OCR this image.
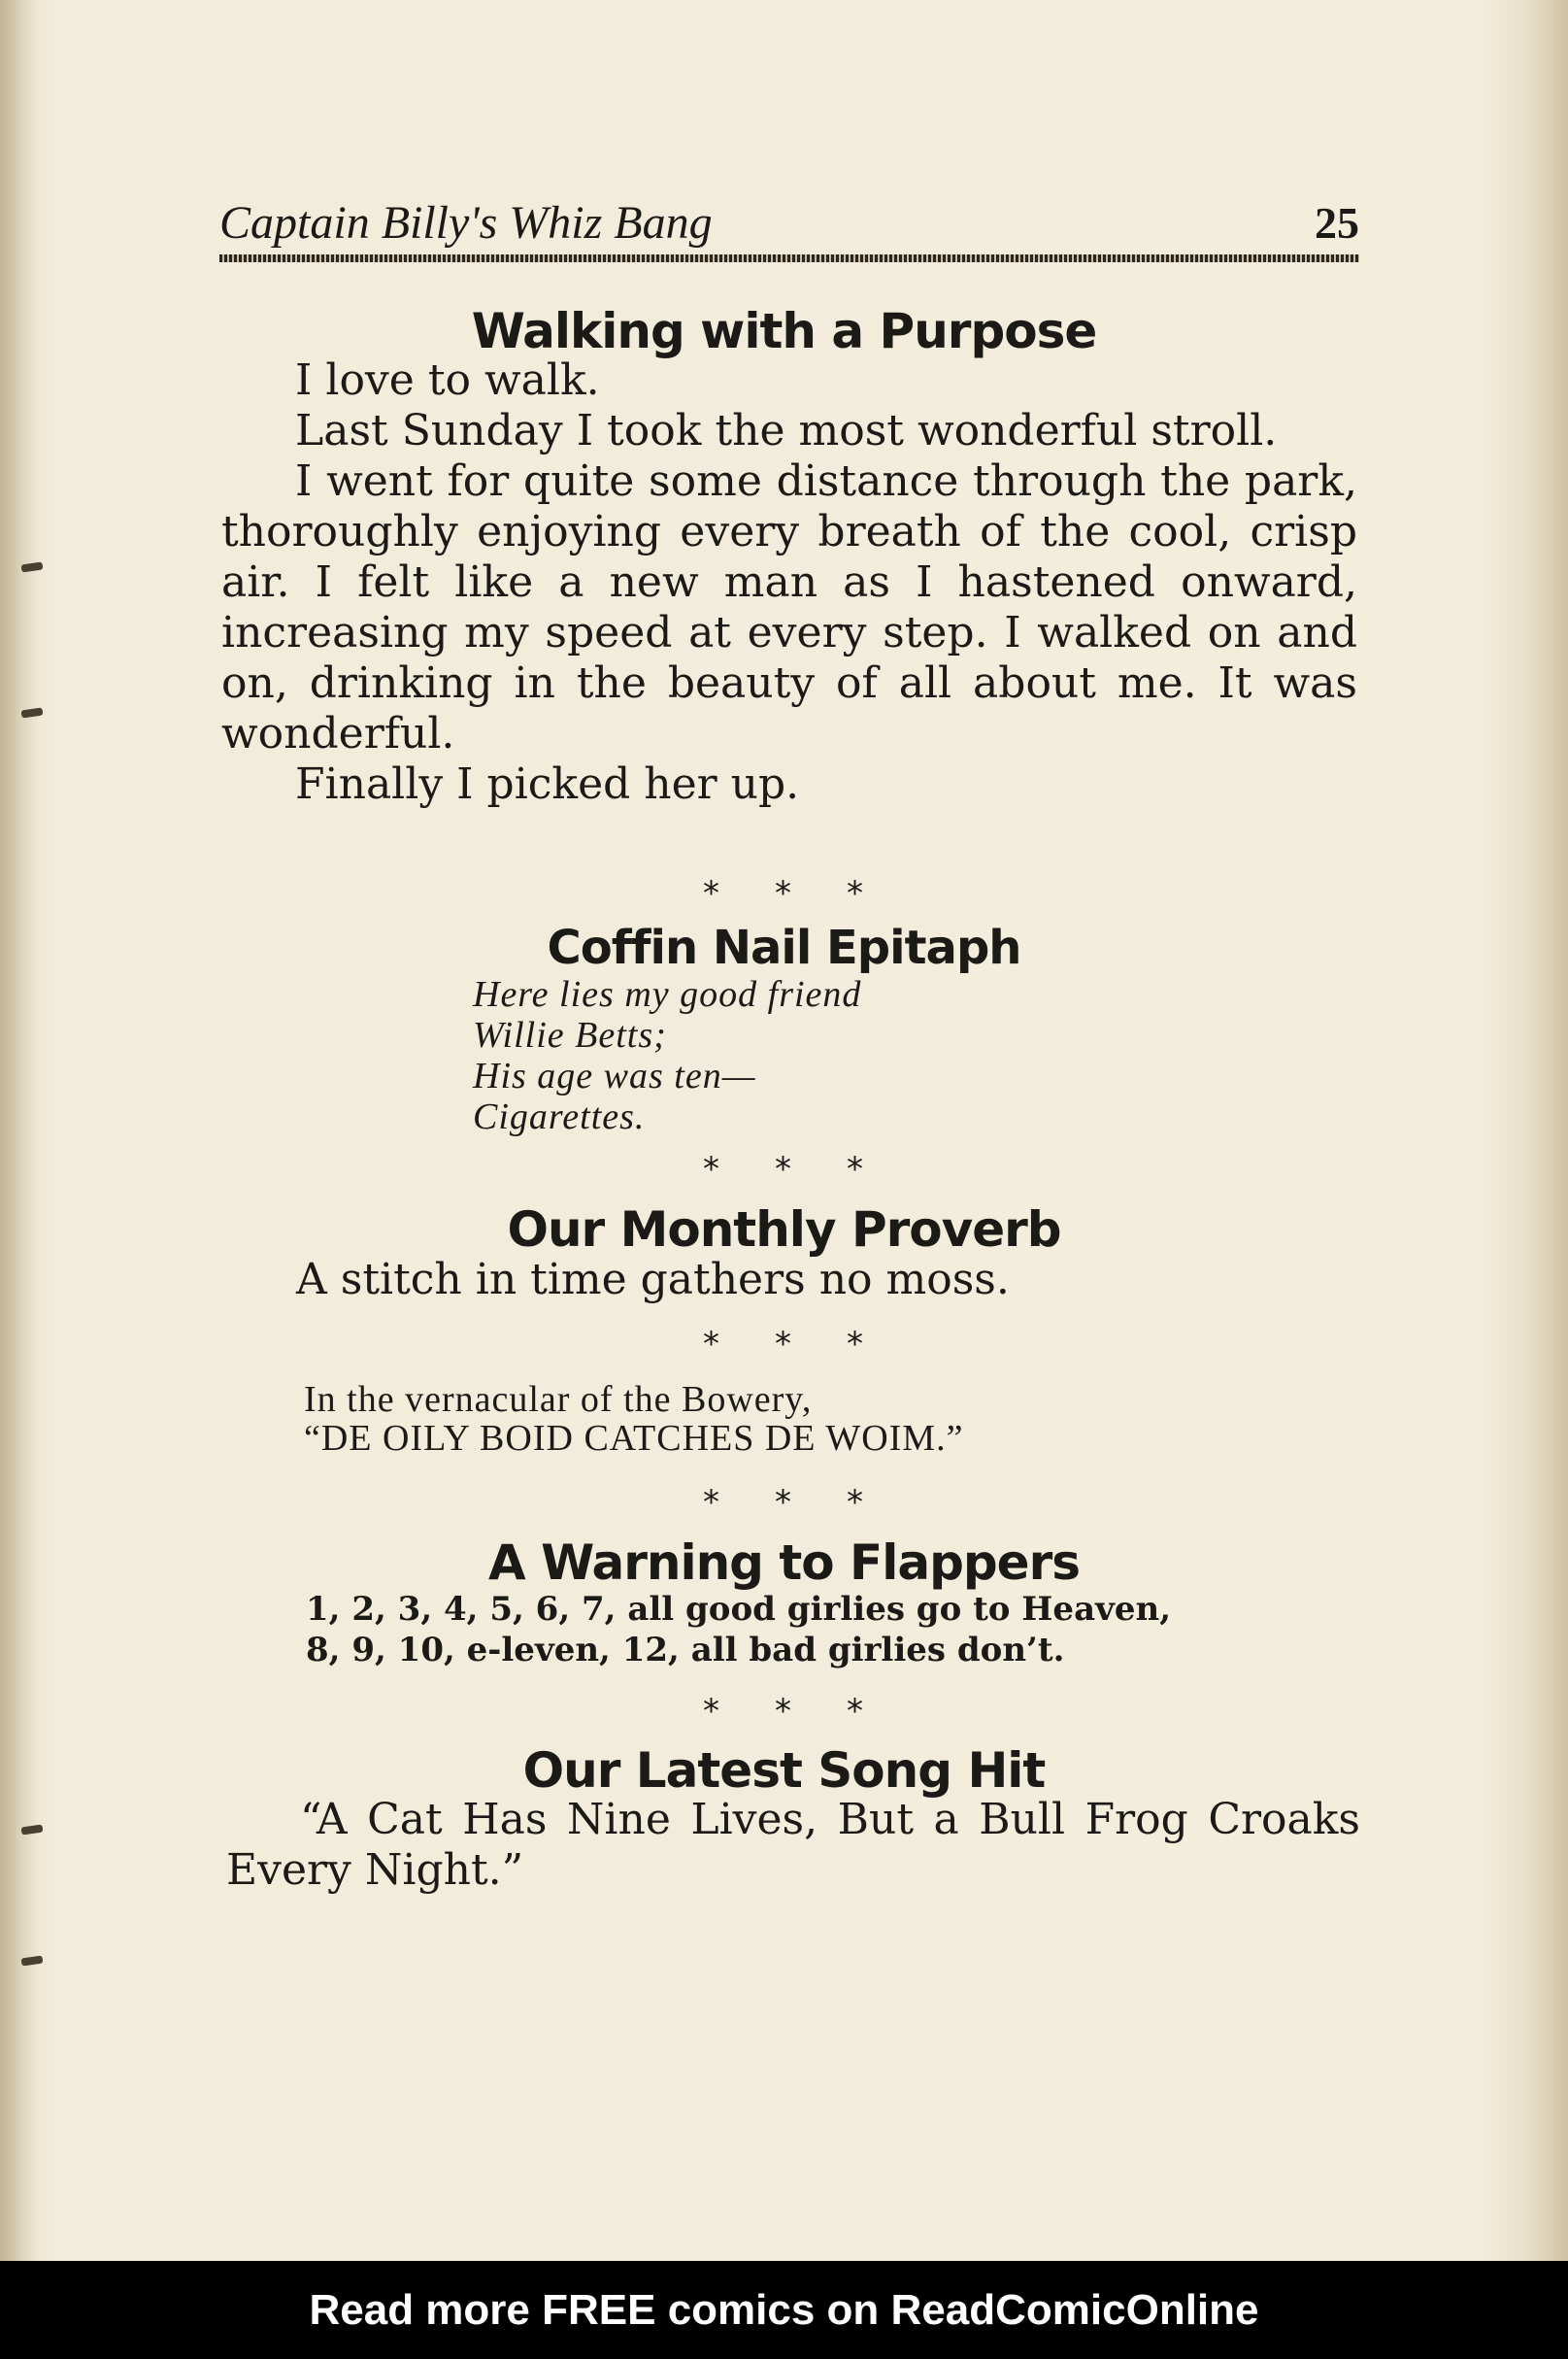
Captain Billy's Whiz Bang	25
Walking with a Purpose

I love to walk.

Last Sunday I took the most wonderful stroll.

I went for quite some distance through the park, thoroughly enjoying every breath of the cool, crisp air. I felt like a new man as I hastened onward, increasing my speed at every step. I walked on and on, drinking in the beauty of all about me. It was wonderful.

Finally I picked her up.

* * *
Coffin Nail Epitaph
Here lies my good friend
Willie Betts;
His age was ten—
Cigarettes.
* * *
Our Monthly Proverb
A stitch in time gathers no moss.
* * *
In the vernacular of the Bowery,
“DE OILY BOID CATCHES DE WOIM.”
* * *
A Warning to Flappers
1, 2, 3, 4, 5, 6, 7, all good girlies go to Heaven,
8, 9, 10, e-leven, 12, all bad girlies don’t.
* * *
Our Latest Song Hit

“A Cat Has Nine Lives, But a Bull Frog Croaks Every Night.”

Read more FREE comics on ReadComicOnline
